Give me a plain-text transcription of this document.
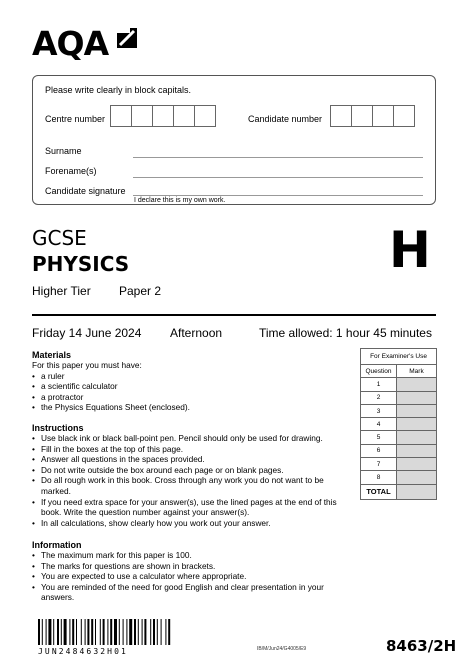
AQA
Please write clearly in block capitals.
Centre number	Candidate number
Surname
Forename(s)
Candidate signature
I declare this is my own work.
GCSE
PHYSICS	H
Higher Tier Paper 2
Friday 14 June 2024 Afternoon	Time allowed: 1 hour 45 minutes
Materials
For this paper you must have:
• a ruler
• a scientific calculator
• a protractor
• the Physics Equations Sheet (enclosed).
Instructions
• Use black ink or black ball-point pen. Pencil should only be used for drawing.
• Fill in the boxes at the top of this page.
• Answer all questions in the spaces provided.
• Do not write outside the box around each page or on blank pages.
• Do all rough work in this book. Cross through any work you do not want to be marked.
• If you need extra space for your answer(s), use the lined pages at the end of this book. Write the question number against your answer(s).
• In all calculations, show clearly how you work out your answer.
Information
• The maximum mark for this paper is 100.
• The marks for questions are shown in brackets.
• You are expected to use a calculator where appropriate.
• You are reminded of the need for good English and clear presentation in your answers.
For Examiner's Use	
Question	Mark
1	
2	
3	
4	
5	
6	
7	
8	
TOTAL	
JUN2484632H01	IB/M/Jun24/G4005/E9	8463/2H
